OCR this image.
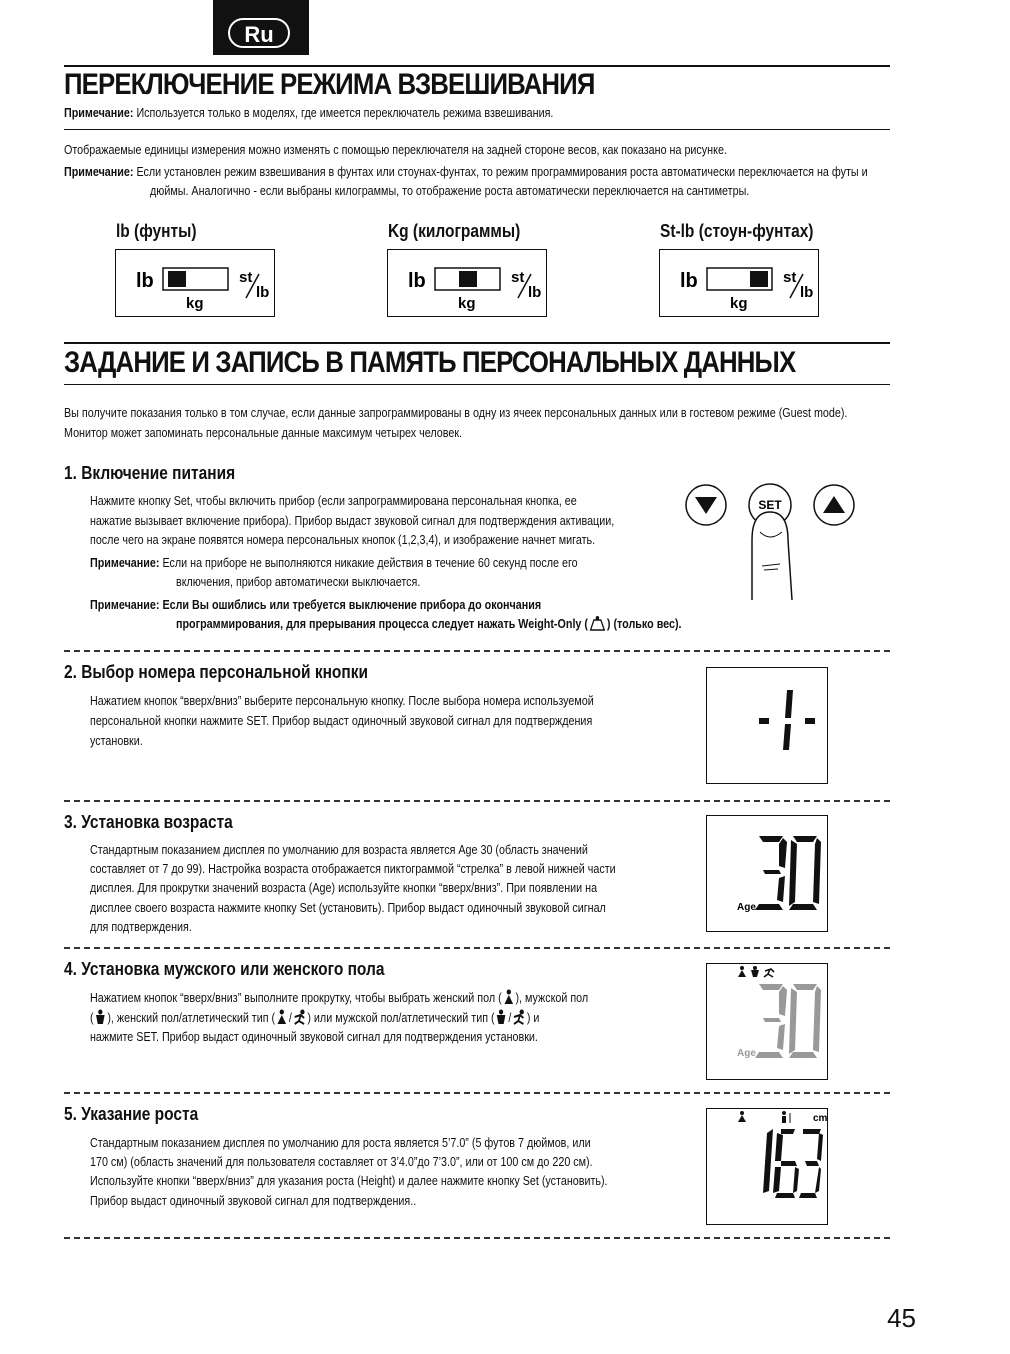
Ru
ПЕРЕКЛЮЧЕНИЕ РЕЖИМА ВЗВЕШИВАНИЯ
Примечание: Используется только в моделях, где имеется переключатель режима взвешивания.
Отображаемые единицы измерения можно изменять с помощью переключателя на задней стороне весов, как показано на рисунке.
Примечание: Если установлен режим взвешивания в фунтах или стоунах-фунтах, то режим программирования роста автоматически переключается на футы и
дюймы. Аналогично - если выбраны килограммы, то отображение роста автоматически переключается на сантиметры.
lb (фунты)	Kg (килограммы)	St-lb (стоун-фунтах)
lb
kg
st
lb
lb
kg
st
lb
lb
kg
st
lb
ЗАДАНИЕ И ЗАПИСЬ В ПАМЯТЬ ПЕРСОНАЛЬНЫХ ДАННЫХ
Вы получите показания только в том случае, если данные запрограммированы в одну из ячеек персональных данных или в гостевом режиме (Guest mode).
Монитор может запоминать персональные данные максимум четырех человек.
1. Включение питания
Нажмите кнопку Set, чтобы включить прибор (если запрограммирована персональная кнопка, ее
нажатие вызывает включение прибора). Прибор выдаст звуковой сигнал для подтверждения активации,
после чего на экране появятся номера персональных кнопок (1,2,3,4), и изображение начнет мигать.
Примечание: Если на приборе не выполняются никакие действия в течение 60 секунд после его
включения, прибор автоматически выключается.
Примечание: Если Вы ошиблись или требуется выключение прибора до окончания
программирования, для прерывания процесса следует нажать Weight-Only ( ) (только вес).
SET
2. Выбор номера персональной кнопки
Нажатием кнопок “вверх/вниз” выберите персональную кнопку. После выбора номера используемой
персональной кнопки нажмите SET. Прибор выдаст одиночный звуковой сигнал для подтверждения
установки.
3. Установка возраста
Стандартным показанием дисплея по умолчанию для возраста является Age 30 (область значений
составляет от 7 до 99). Настройка возраста отображается пиктограммой “стрелка” в левой нижней части
дисплея. Для прокрутки значений возраста (Age) используйте кнопки “вверх/вниз”. При появлении на
дисплее своего возраста нажмите кнопку Set (установить). Прибор выдаст одиночный звуковой сигнал
для подтверждения.
Age
4. Установка мужского или женского пола
Нажатием кнопок “вверх/вниз” выполните прокрутку, чтобы выбрать женский пол ( ), мужской пол
( ), женский пол/атлетический тип ( / ) или мужской пол/атлетический тип ( / ) и
нажмите SET. Прибор выдаст одиночный звуковой сигнал для подтверждения установки.
Age
5. Указание роста
Стандартным показанием дисплея по умолчанию для роста является 5’7.0” (5 футов 7 дюймов, или
170 см) (область значений для пользователя составляет от 3’4.0”до 7’3.0”, или от 100 см до 220 см).
Используйте кнопки “вверх/вниз” для указания роста (Height) и далее нажмите кнопку Set (установить).
Прибор выдаст одиночный звуковой сигнал для подтверждения..
cm
45
